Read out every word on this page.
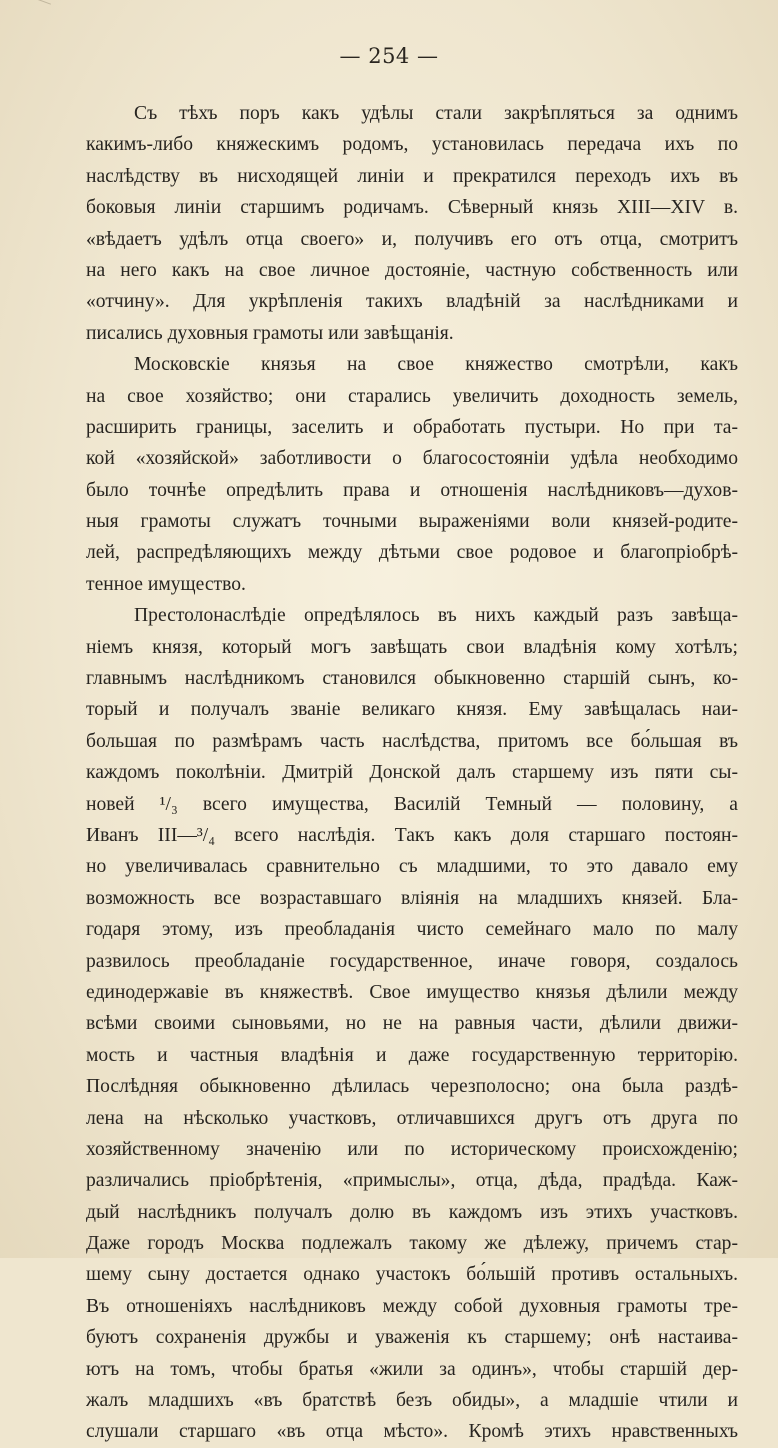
— 254 —
Съ тѣхъ поръ какъ удѣлы стали закрѣпляться за однимъ
какимъ-либо княжескимъ родомъ, установилась передача ихъ по
наслѣдству въ нисходящей линіи и прекратился переходъ ихъ въ
боковыя линіи старшимъ родичамъ. Сѣверный князь XIII—XIV в.
«вѣдаетъ удѣлъ отца своего» и, получивъ его отъ отца, смотритъ
на него какъ на свое личное достояніе, частную собственность или
«отчину». Для укрѣпленія такихъ владѣній за наслѣдниками и
писались духовныя грамоты или завѣщанія.
Московскіе князья на свое княжество смотрѣли, какъ
на свое хозяйство; они старались увеличить доходность земель,
расширить границы, заселить и обработать пустыри. Но при та-
кой «хозяйской» заботливости о благосостояніи удѣла необходимо
было точнѣе опредѣлить права и отношенія наслѣдниковъ—духов-
ныя грамоты служатъ точными выраженіями воли князей-родите-
лей, распредѣляющихъ между дѣтьми свое родовое и благопріобрѣ-
тенное имущество.
Престолонаслѣдіе опредѣлялось въ нихъ каждый разъ завѣща-
ніемъ князя, который могъ завѣщать свои владѣнія кому хотѣлъ;
главнымъ наслѣдникомъ становился обыкновенно старшій сынъ, ко-
торый и получалъ званіе великаго князя. Ему завѣщалась наи-
большая по размѣрамъ часть наслѣдства, притомъ все бо́льшая въ
каждомъ поколѣніи. Дмитрій Донской далъ старшему изъ пяти сы-
новей ¹/₃ всего имущества, Василій Темный — половину, а
Иванъ III—³/₄ всего наслѣдія. Такъ какъ доля старшаго постоян-
но увеличивалась сравнительно съ младшими, то это давало ему
возможность все возраставшаго вліянія на младшихъ князей. Бла-
годаря этому, изъ преобладанія чисто семейнаго мало по малу
развилось преобладаніе государственное, иначе говоря, создалось
единодержавіе въ княжествѣ. Свое имущество князья дѣлили между
всѣми своими сыновьями, но не на равныя части, дѣлили движи-
мость и частныя владѣнія и даже государственную территорію.
Послѣдняя обыкновенно дѣлилась черезполосно; она была раздѣ-
лена на нѣсколько участковъ, отличавшихся другъ отъ друга по
хозяйственному значенію или по историческому происхожденію;
различались пріобрѣтенія, «примыслы», отца, дѣда, прадѣда. Каж-
дый наслѣдникъ получалъ долю въ каждомъ изъ этихъ участковъ.
Даже городъ Москва подлежалъ такому же дѣлежу, причемъ стар-
шему сыну достается однако участокъ бо́льшій противъ остальныхъ.
Въ отношеніяхъ наслѣдниковъ между собой духовныя грамоты тре-
буютъ сохраненія дружбы и уваженія къ старшему; онѣ настаива-
ютъ на томъ, чтобы братья «жили за одинъ», чтобы старшій дер-
жалъ младшихъ «въ братствѣ безъ обиды», а младшіе чтили и
слушали старшаго «въ отца мѣсто». Кромѣ этихъ нравственныхъ
